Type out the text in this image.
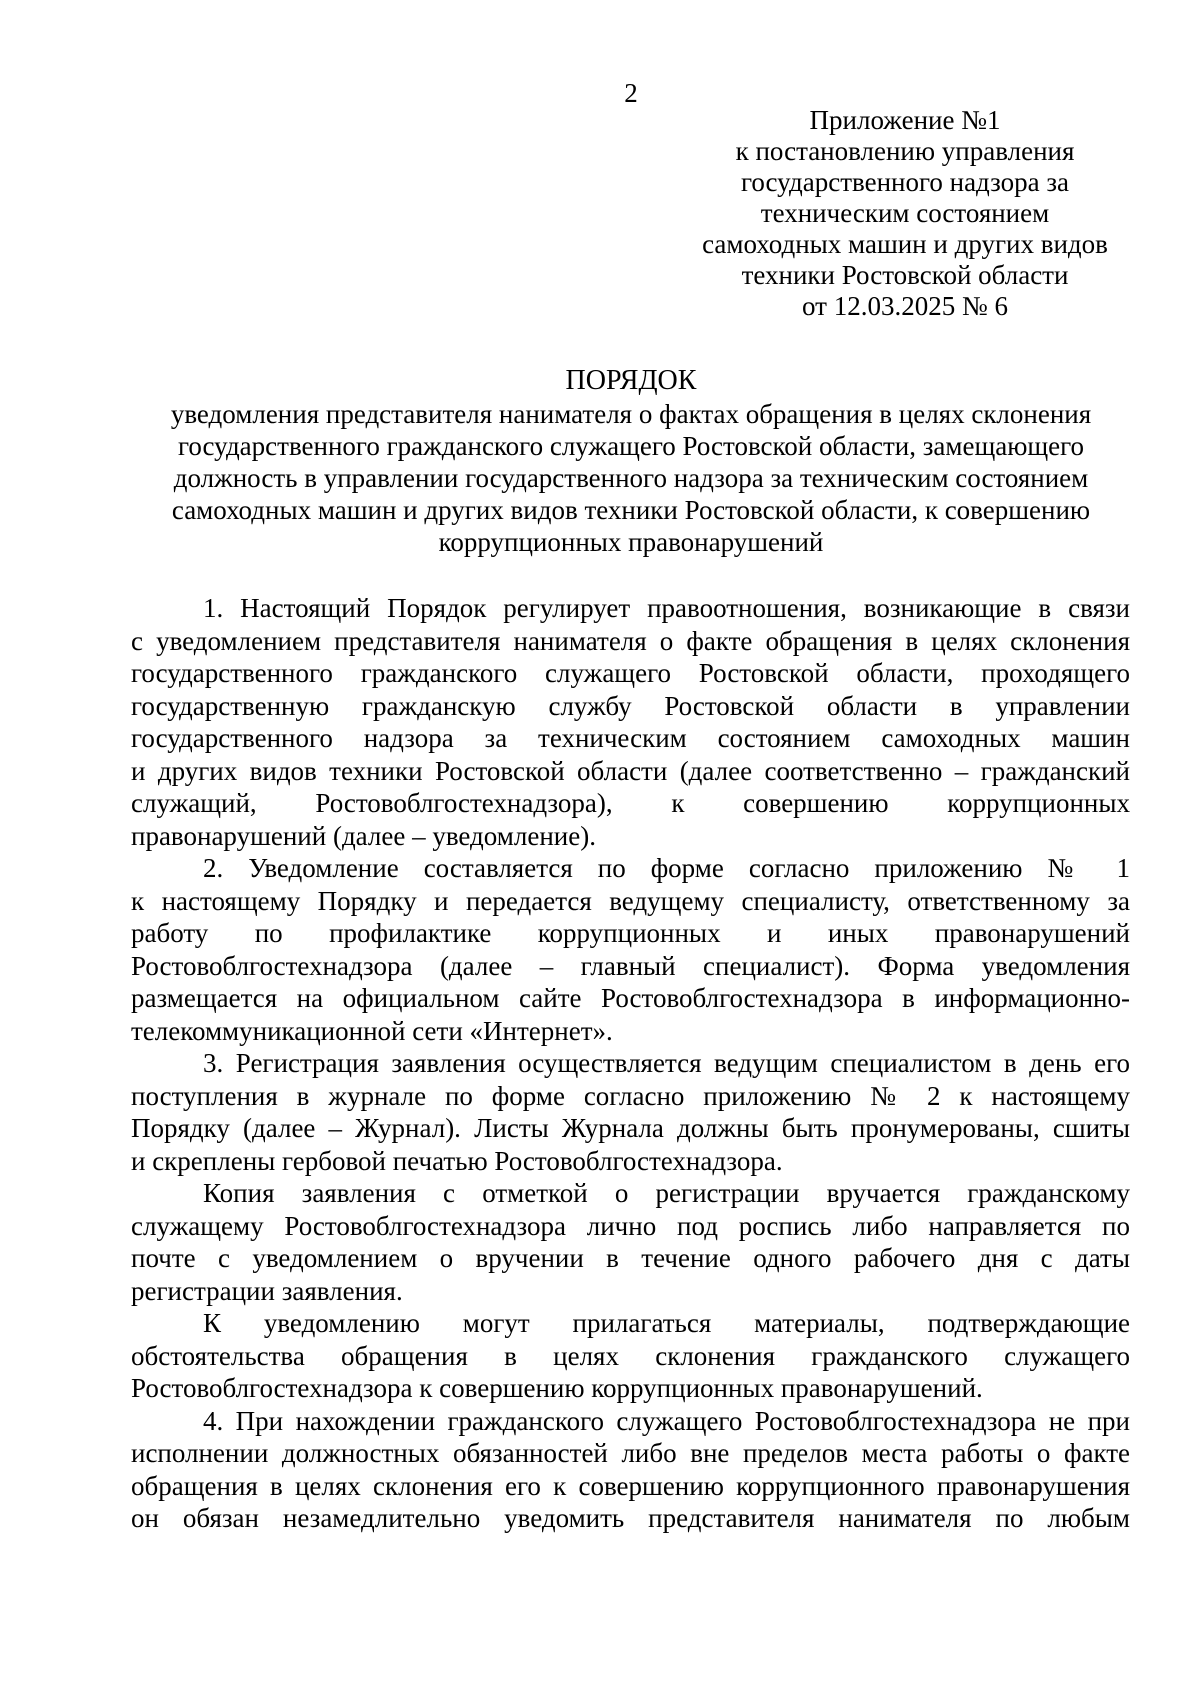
2
Приложение №1
к постановлению управления
государственного надзора за
техническим состоянием
самоходных машин и других видов
техники Ростовской области
от 12.03.2025 № 6
ПОРЯДОК
уведомления представителя нанимателя о фактах обращения в целях склонения
государственного гражданского служащего Ростовской области, замещающего
должность в управлении государственного надзора за техническим состоянием
самоходных машин и других видов техники Ростовской области, к совершению
коррупционных правонарушений
1. Настоящий Порядок регулирует правоотношения, возникающие в связи
с уведомлением представителя нанимателя о факте обращения в целях склонения
государственного гражданского служащего Ростовской области, проходящего
государственную гражданскую службу Ростовской области в управлении
государственного надзора за техническим состоянием самоходных машин
и других видов техники Ростовской области (далее соответственно – гражданский
служащий, Ростовоблгостехнадзора), к совершению коррупционных
правонарушений (далее – уведомление).
2. Уведомление составляется по форме согласно приложению № 1
к настоящему Порядку и передается ведущему специалисту, ответственному за
работу по профилактике коррупционных и иных правонарушений
Ростовоблгостехнадзора (далее – главный специалист). Форма уведомления
размещается на официальном сайте Ростовоблгостехнадзора в информационно-
телекоммуникационной сети «Интернет».
3. Регистрация заявления осуществляется ведущим специалистом в день его
поступления в журнале по форме согласно приложению № 2 к настоящему
Порядку (далее – Журнал). Листы Журнала должны быть пронумерованы, сшиты
и скреплены гербовой печатью Ростовоблгостехнадзора.
Копия заявления с отметкой о регистрации вручается гражданскому
служащему Ростовоблгостехнадзора лично под роспись либо направляется по
почте с уведомлением о вручении в течение одного рабочего дня с даты
регистрации заявления.
К уведомлению могут прилагаться материалы, подтверждающие
обстоятельства обращения в целях склонения гражданского служащего
Ростовоблгостехнадзора к совершению коррупционных правонарушений.
4. При нахождении гражданского служащего Ростовоблгостехнадзора не при
исполнении должностных обязанностей либо вне пределов места работы о факте
обращения в целях склонения его к совершению коррупционного правонарушения
он обязан незамедлительно уведомить представителя нанимателя по любым
